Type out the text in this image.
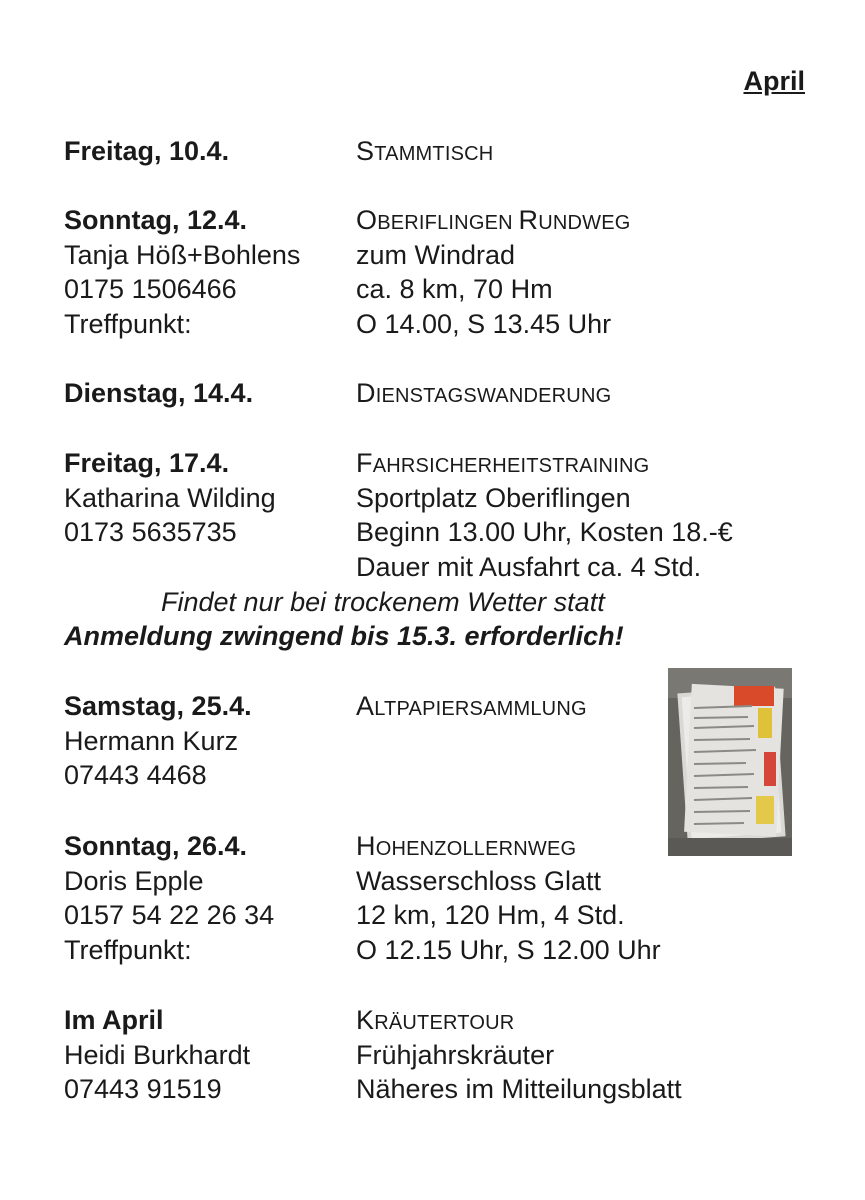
April
Freitag, 10.4.	STAMMTISCH
Sonntag, 12.4.	OBERIFLINGEN RUNDWEG
Tanja Höß+Bohlens	zum Windrad
0175 1506466	ca. 8 km, 70 Hm
Treffpunkt:	O 14.00, S 13.45 Uhr
Dienstag, 14.4.	DIENSTAGSWANDERUNG
Freitag, 17.4.	FAHRSICHERHEITSTRAINING
Katharina Wilding	Sportplatz Oberiflingen
0173 5635735	Beginn 13.00 Uhr, Kosten 18.-€
Dauer mit Ausfahrt ca. 4 Std.
Findet nur bei trockenem Wetter statt
Anmeldung zwingend bis 15.3. erforderlich!
Samstag, 25.4.	ALTPAPIERSAMMLUNG
Hermann Kurz
07443 4468
Sonntag, 26.4.	HOHENZOLLERNWEG
Doris Epple	Wasserschloss Glatt
0157 54 22 26 34	12 km, 120 Hm, 4 Std.
Treffpunkt:	O 12.15 Uhr, S 12.00 Uhr
Im April	KRÄUTERTOUR
Heidi Burkhardt	Frühjahrskräuter
07443 91519	Näheres im Mitteilungsblatt
